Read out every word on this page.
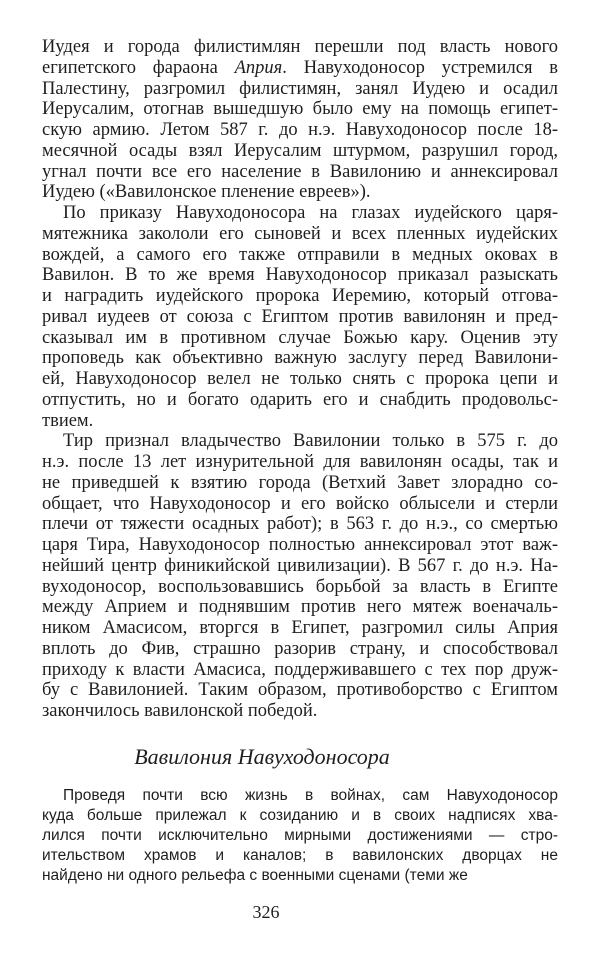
Иудея и города филистимлян перешли под власть нового
египетского фараона Априя. Навуходоносор устремился в
Палестину, разгромил филистимян, занял Иудею и осадил
Иерусалим, отогнав вышедшую было ему на помощь египет-
скую армию. Летом 587 г. до н.э. Навуходоносор после 18-
месячной осады взял Иерусалим штурмом, разрушил город,
угнал почти все его население в Вавилонию и аннексировал
Иудею («Вавилонское пленение евреев»).
По приказу Навуходоносора на глазах иудейского царя-
мятежника закололи его сыновей и всех пленных иудейских
вождей, а самого его также отправили в медных оковах в
Вавилон. В то же время Навуходоносор приказал разыскать
и наградить иудейского пророка Иеремию, который отгова-
ривал иудеев от союза с Египтом против вавилонян и пред-
сказывал им в противном случае Божью кару. Оценив эту
проповедь как объективно важную заслугу перед Вавилони-
ей, Навуходоносор велел не только снять с пророка цепи и
отпустить, но и богато одарить его и снабдить продовольс-
твием.
Тир признал владычество Вавилонии только в 575 г. до
н.э. после 13 лет изнурительной для вавилонян осады, так и
не приведшей к взятию города (Ветхий Завет злорадно со-
общает, что Навуходоносор и его войско облысели и стерли
плечи от тяжести осадных работ); в 563 г. до н.э., со смертью
царя Тира, Навуходоносор полностью аннексировал этот важ-
нейший центр финикийской цивилизации). В 567 г. до н.э. На-
вуходоносор, воспользовавшись борьбой за власть в Египте
между Априем и поднявшим против него мятеж военачаль-
ником Амасисом, вторгся в Египет, разгромил силы Априя
вплоть до Фив, страшно разорив страну, и способствовал
приходу к власти Амасиса, поддерживавшего с тех пор друж-
бу с Вавилонией. Таким образом, противоборство с Египтом
закончилось вавилонской победой.
Вавилония Навуходоносора
Проведя почти всю жизнь в войнах, сам Навуходоносор
куда больше прилежал к созиданию и в своих надписях хва-
лился почти исключительно мирными достижениями — стро-
ительством храмов и каналов; в вавилонских дворцах не
найдено ни одного рельефа с военными сценами (теми же
326
